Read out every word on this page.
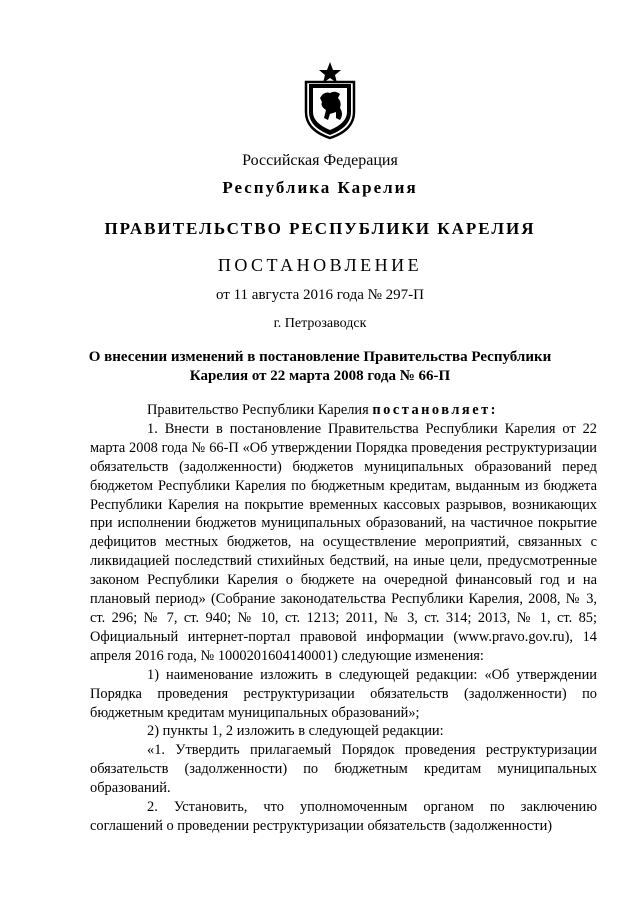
Российская Федерация
Республика Карелия
ПРАВИТЕЛЬСТВО РЕСПУБЛИКИ КАРЕЛИЯ
ПОСТАНОВЛЕНИЕ
от 11 августа 2016 года № 297-П
г. Петрозаводск
О внесении изменений в постановление Правительства Республики
Карелия от 22 марта 2008 года № 66-П

Правительство Республики Карелия постановляет:

1. Внести в постановление Правительства Республики Карелия от 22 марта 2008 года № 66-П «Об утверждении Порядка проведения реструктуризации обязательств (задолженности) бюджетов муниципальных образований перед бюджетом Республики Карелия по бюджетным кредитам, выданным из бюджета Республики Карелия на покрытие временных кассовых разрывов, возникающих при исполнении бюджетов муниципальных образований, на частичное покрытие дефицитов местных бюджетов, на осуществление мероприятий, связанных с ликвидацией последствий стихийных бедствий, на иные цели, предусмотренные законом Республики Карелия о бюджете на очередной финансовый год и на плановый период» (Собрание законодательства Республики Карелия, 2008, № 3, ст. 296; № 7, ст. 940; № 10, ст. 1213; 2011, № 3, ст. 314; 2013, № 1, ст. 85; Официальный интернет-портал правовой информации (www.pravo.gov.ru), 14 апреля 2016 года, № 1000201604140001) следующие изменения:

1) наименование изложить в следующей редакции: «Об утверждении Порядка проведения реструктуризации обязательств (задолженности) по бюджетным кредитам муниципальных образований»;

2) пункты 1, 2 изложить в следующей редакции:

«1. Утвердить прилагаемый Порядок проведения реструктуризации обязательств (задолженности) по бюджетным кредитам муниципальных образований.

2. Установить, что уполномоченным органом по заключению соглашений о проведении реструктуризации обязательств (задолженности)
